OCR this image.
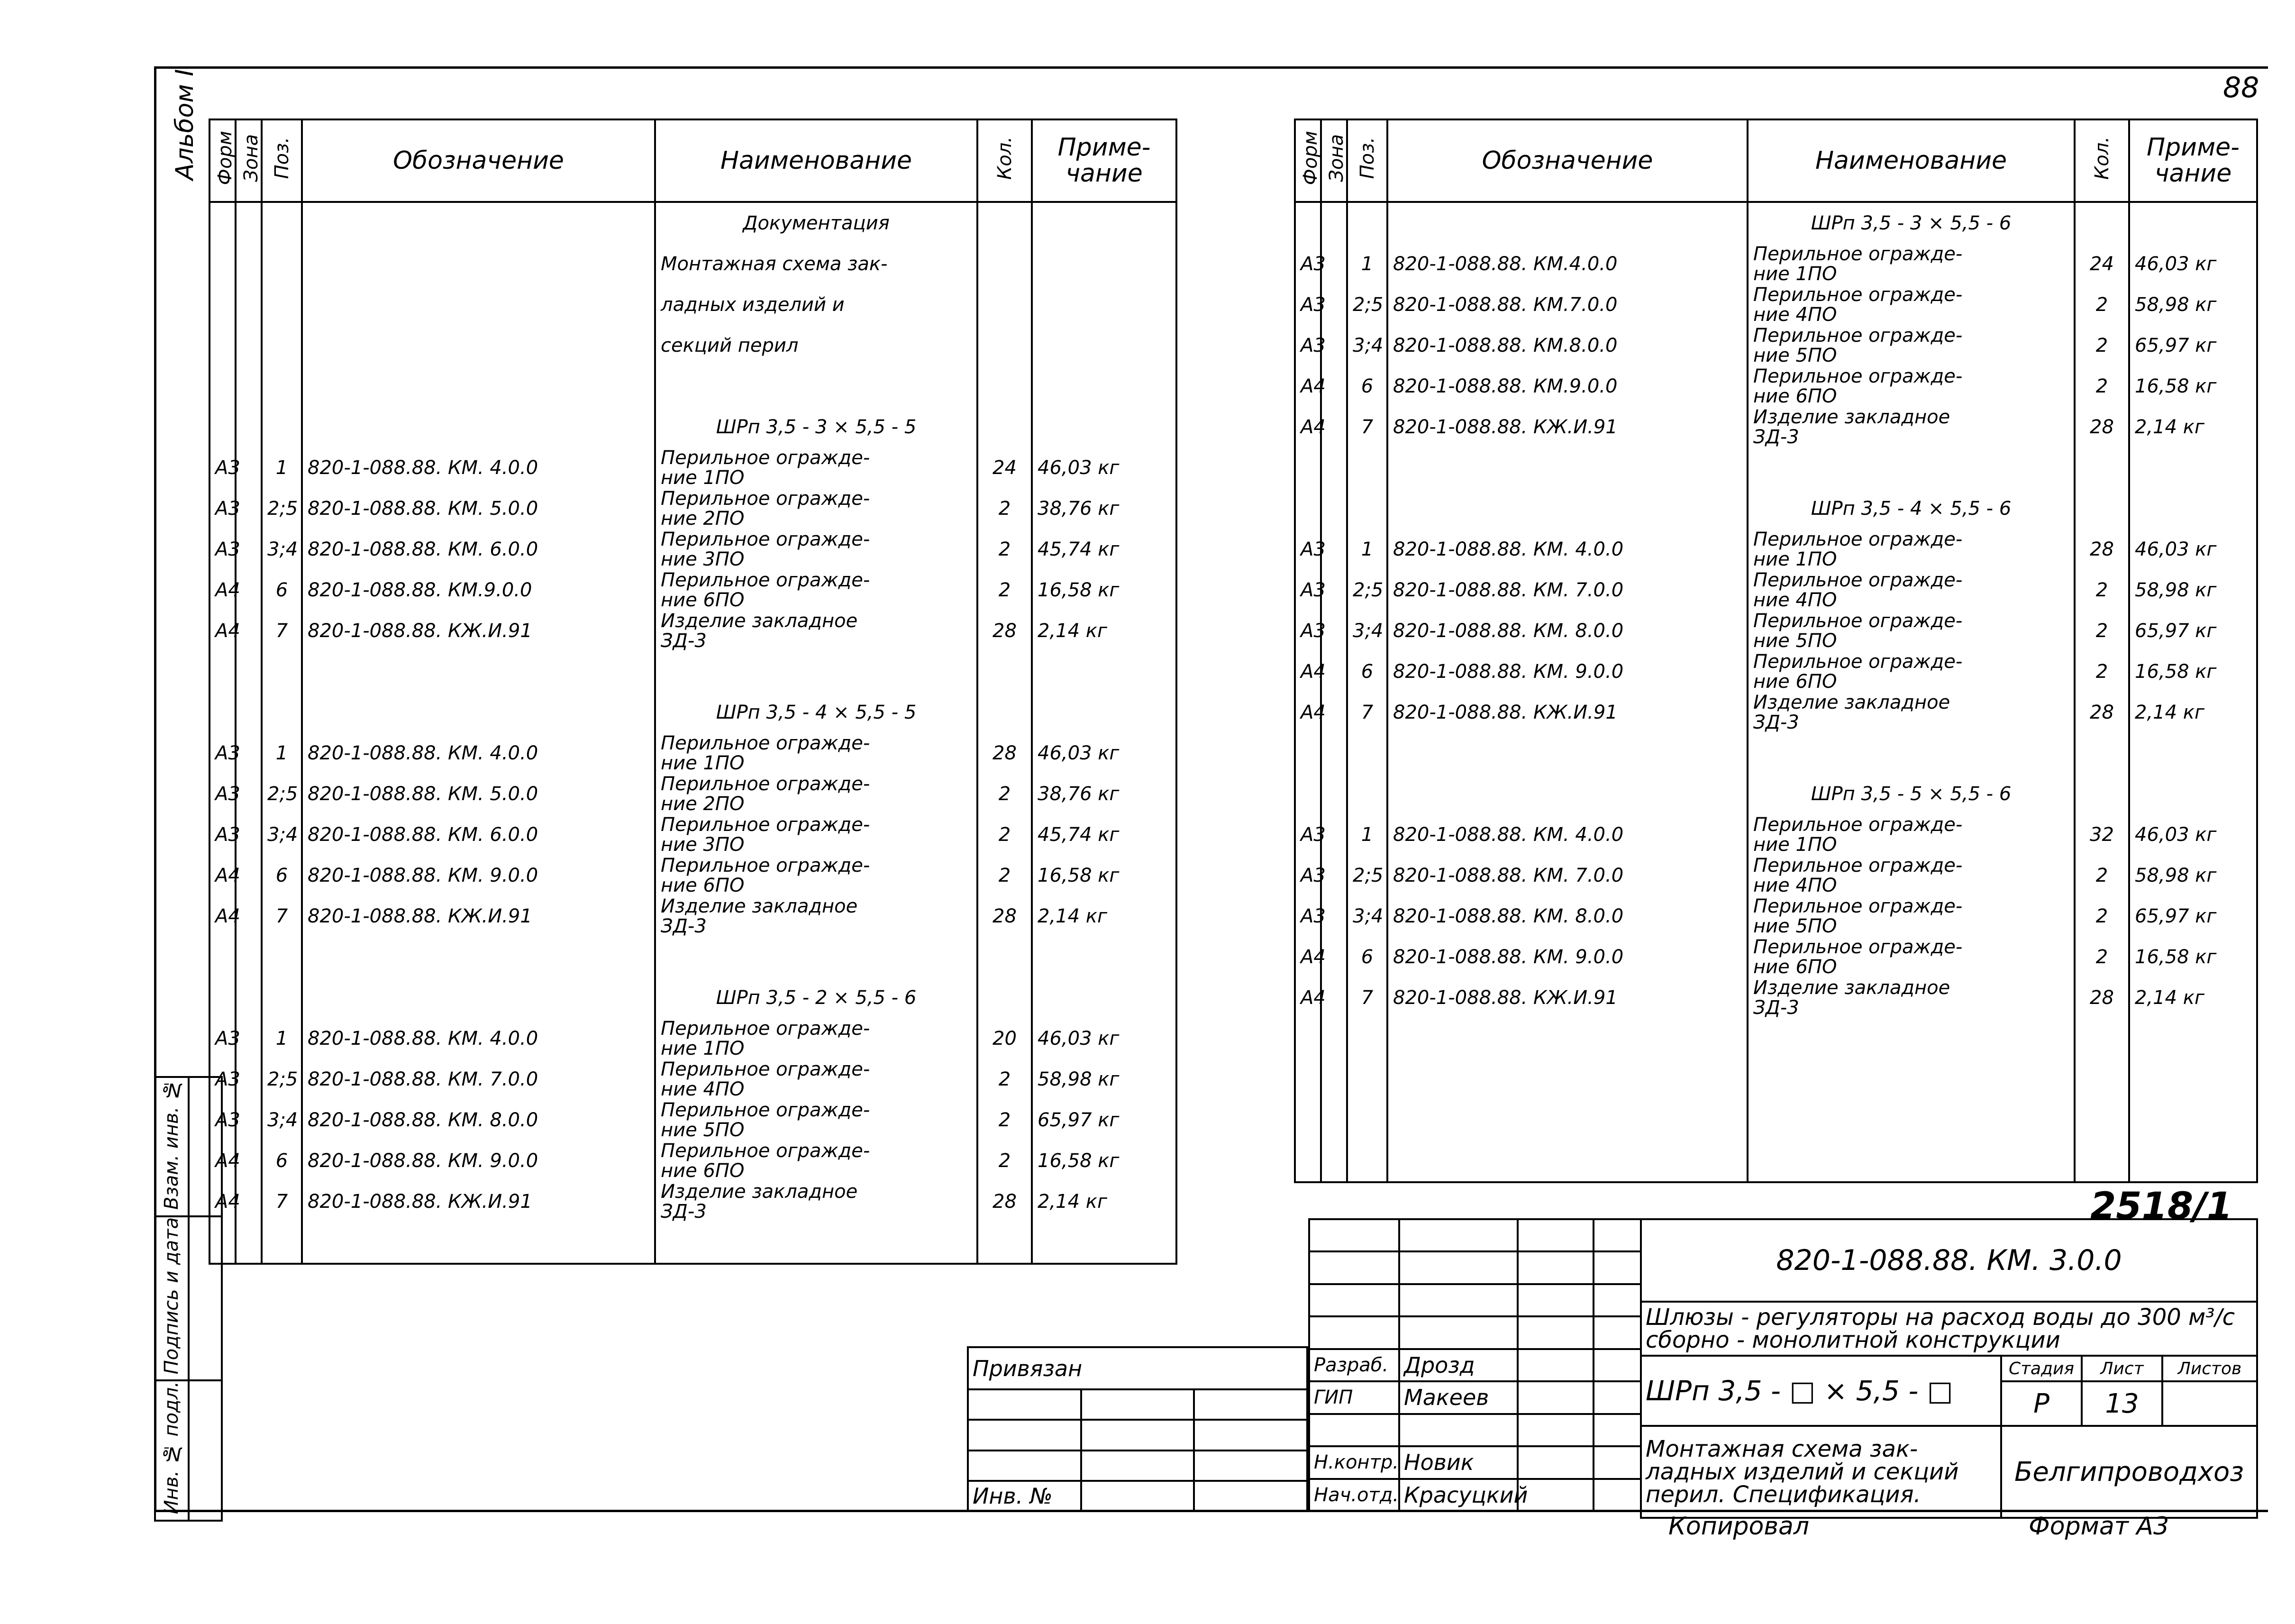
88
Альбом I Форм	Зона	Поз.	Обозначение	Наименование	Кол.	Приме-чание
				Документация		
				Монтажная схема зак-		
				ладных изделий и		
				секций перил		

				ШРп 3,5 - 3 × 5,5 - 5		
А3		1	820-1-088.88. КМ. 4.0.0	Перильное огражде-
ние 1ПО	24	46,03 кг
А3		2;5	820-1-088.88. КМ. 5.0.0	Перильное огражде-
ние 2ПО	2	38,76 кг
А3		3;4	820-1-088.88. КМ. 6.0.0	Перильное огражде-
ние 3ПО	2	45,74 кг
А4		6	820-1-088.88. КМ.9.0.0	Перильное огражде-
ние 6ПО	2	16,58 кг
А4		7	820-1-088.88. КЖ.И.91	Изделие закладное
ЗД-3	28	2,14 кг

				ШРп 3,5 - 4 × 5,5 - 5		
А3		1	820-1-088.88. КМ. 4.0.0	Перильное огражде-
ние 1ПО	28	46,03 кг
А3		2;5	820-1-088.88. КМ. 5.0.0	Перильное огражде-
ние 2ПО	2	38,76 кг
А3		3;4	820-1-088.88. КМ. 6.0.0	Перильное огражде-
ние 3ПО	2	45,74 кг
А4		6	820-1-088.88. КМ. 9.0.0	Перильное огражде-
ние 6ПО	2	16,58 кг
А4		7	820-1-088.88. КЖ.И.91	Изделие закладное
ЗД-3	28	2,14 кг

				ШРп 3,5 - 2 × 5,5 - 6		
А3		1	820-1-088.88. КМ. 4.0.0	Перильное огражде-
ние 1ПО	20	46,03 кг
А3		2;5	820-1-088.88. КМ. 7.0.0	Перильное огражде-
ние 4ПО	2	58,98 кг
А3		3;4	820-1-088.88. КМ. 8.0.0	Перильное огражде-
ние 5ПО	2	65,97 кг
А4		6	820-1-088.88. КМ. 9.0.0	Перильное огражде-
ние 6ПО	2	16,58 кг
А4		7	820-1-088.88. КЖ.И.91	Изделие закладное
ЗД-3	28	2,14 кг

Форм	Зона	Поз.	Обозначение	Наименование	Кол.	Приме-чание
				ШРп 3,5 - 3 × 5,5 - 6		
А3		1	820-1-088.88. КМ.4.0.0	Перильное огражде-
ние 1ПО	24	46,03 кг
А3		2;5	820-1-088.88. КМ.7.0.0	Перильное огражде-
ние 4ПО	2	58,98 кг
А3		3;4	820-1-088.88. КМ.8.0.0	Перильное огражде-
ние 5ПО	2	65,97 кг
А4		6	820-1-088.88. КМ.9.0.0	Перильное огражде-
ние 6ПО	2	16,58 кг
А4		7	820-1-088.88. КЖ.И.91	Изделие закладное
ЗД-3	28	2,14 кг

				ШРп 3,5 - 4 × 5,5 - 6		
А3		1	820-1-088.88. КМ. 4.0.0	Перильное огражде-
ние 1ПО	28	46,03 кг
А3		2;5	820-1-088.88. КМ. 7.0.0	Перильное огражде-
ние 4ПО	2	58,98 кг
А3		3;4	820-1-088.88. КМ. 8.0.0	Перильное огражде-
ние 5ПО	2	65,97 кг
А4		6	820-1-088.88. КМ. 9.0.0	Перильное огражде-
ние 6ПО	2	16,58 кг
А4		7	820-1-088.88. КЖ.И.91	Изделие закладное
ЗД-3	28	2,14 кг

				ШРп 3,5 - 5 × 5,5 - 6		
А3		1	820-1-088.88. КМ. 4.0.0	Перильное огражде-
ние 1ПО	32	46,03 кг
А3		2;5	820-1-088.88. КМ. 7.0.0	Перильное огражде-
ние 4ПО	2	58,98 кг
А3		3;4	820-1-088.88. КМ. 8.0.0	Перильное огражде-
ние 5ПО	2	65,97 кг
А4		6	820-1-088.88. КМ. 9.0.0	Перильное огражде-
ние 6ПО	2	16,58 кг
А4		7	820-1-088.88. КЖ.И.91	Изделие закладное
ЗД-3	28	2,14 кг

Взам. инв. №	
Подпись и дата	
Инв. № подл.	
2518/1
Привязан		

Инв. №		

Разраб.	Дрозд		
ГИП	Макеев		

Н.контр.	Новик		
Нач.отд.	Красуцкий		
820-1-088.88. КМ. 3.0.0			
Шлюзы - регуляторы на расход воды до 300 м³/с сборно - монолитной конструкции			
ШРп 3,5 - □ × 5,5 - □	Стадия	Лист	Листов
	Р	13	

Монтажная схема зак-
ладных изделий и секций
перил. Спецификация.	Белгипроводхоз		
Копировал	Формат А3
